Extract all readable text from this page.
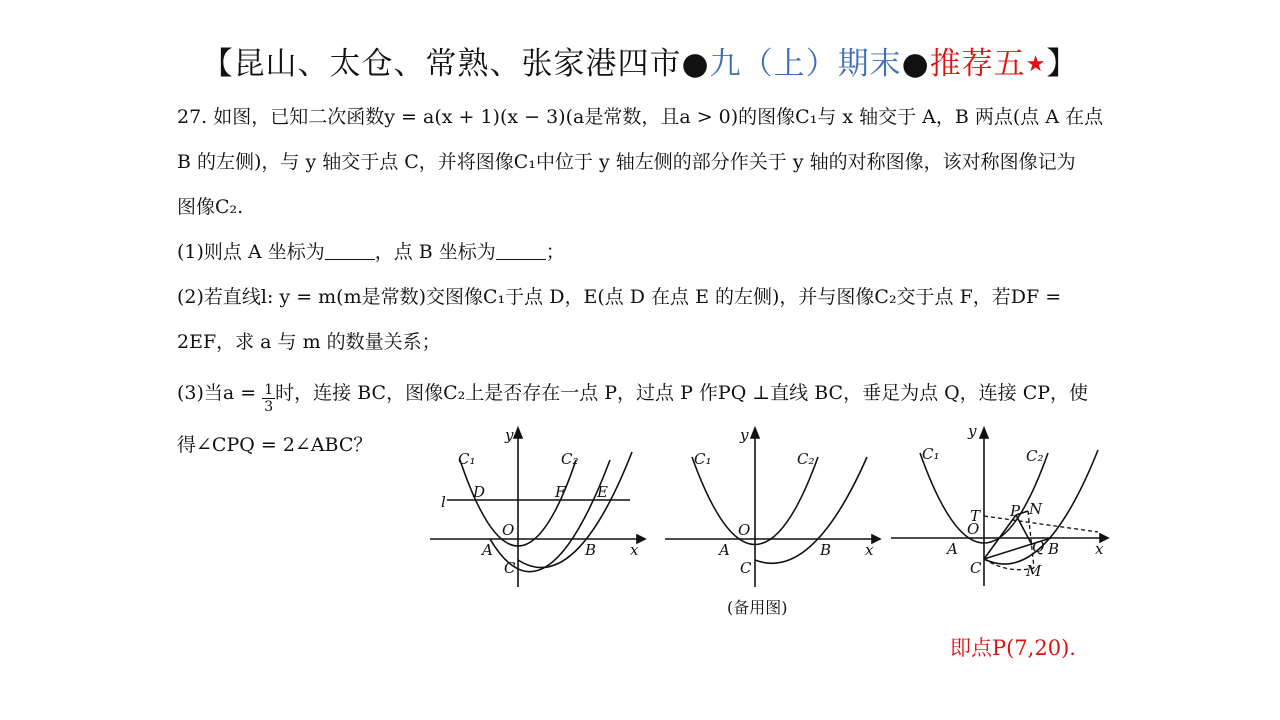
【昆山、太仓、常熟、张家港四市●九（上）期末●推荐五★】
27. 如图，已知二次函数y = a(x + 1)(x − 3)(a是常数，且a > 0)的图像C₁与 x 轴交于 A，B 两点(点 A 在点
B 的左侧)，与 y 轴交于点 C，并将图像C₁中位于 y 轴左侧的部分作关于 y 轴的对称图像，该对称图像记为
图像C₂.
(1)则点 A 坐标为	，点 B 坐标为	；
(2)若直线l: y = m(m是常数)交图像C₁于点 D，E(点 D 在点 E 的左侧)，并与图像C₂交于点 F，若DF =
2EF，求 a 与 m 的数量关系；
(3)当$a = \frac{1}{3}$ 时，连接 BC，图像C₂上是否存在一点 P，过点 P 作PQ ⊥直线 BC，垂足为点 Q，连接 CP，使
得∠CPQ = 2∠ABC？
C₁	C₂
y
x
l
D	F E
O
A	B
C
C₁	C₂
y
x
O
A	B
C
C₁	C₂
y
x
T P N
O
Q
A	B
C	M
(备用图)
即点P(7,20).
